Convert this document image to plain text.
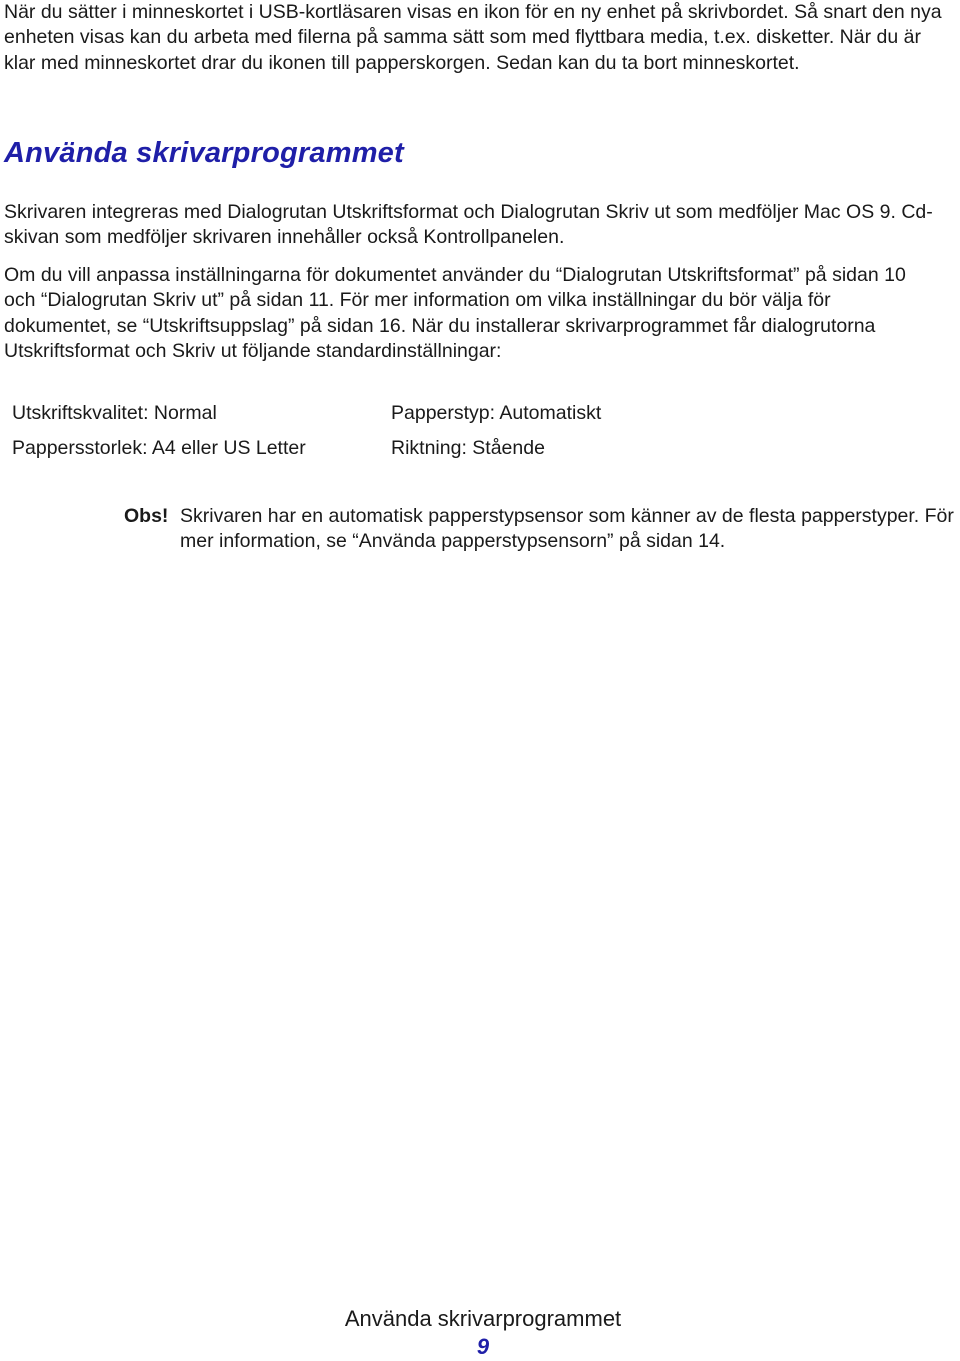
När du sätter i minneskortet i USB-kortläsaren visas en ikon för en ny enhet på skrivbordet. Så snart den nya enheten visas kan du arbeta med filerna på samma sätt som med flyttbara media, t.ex. disketter. När du är klar med minneskortet drar du ikonen till papperskorgen. Sedan kan du ta bort minneskortet.

Använda skrivarprogrammet

Skrivaren integreras med Dialogrutan Utskriftsformat och Dialogrutan Skriv ut som medföljer Mac OS 9. Cd-skivan som medföljer skrivaren innehåller också Kontrollpanelen.

Om du vill anpassa inställningarna för dokumentet använder du “Dialogrutan Utskriftsformat” på sidan 10 och “Dialogrutan Skriv ut” på sidan 11. För mer information om vilka inställningar du bör välja för dokumentet, se “Utskriftsuppslag” på sidan 16. När du installerar skrivarprogrammet får dialogrutorna Utskriftsformat och Skriv ut följande standardinställningar:

Utskriftskvalitet: Normal	Papperstyp: Automatiskt
Pappersstorlek: A4 eller US Letter	Riktning: Stående
Obs! Skrivaren har en automatisk papperstypsensor som känner av de flesta papperstyper. För mer information, se “Använda papperstypsensorn” på sidan 14.
Använda skrivarprogrammet
9
